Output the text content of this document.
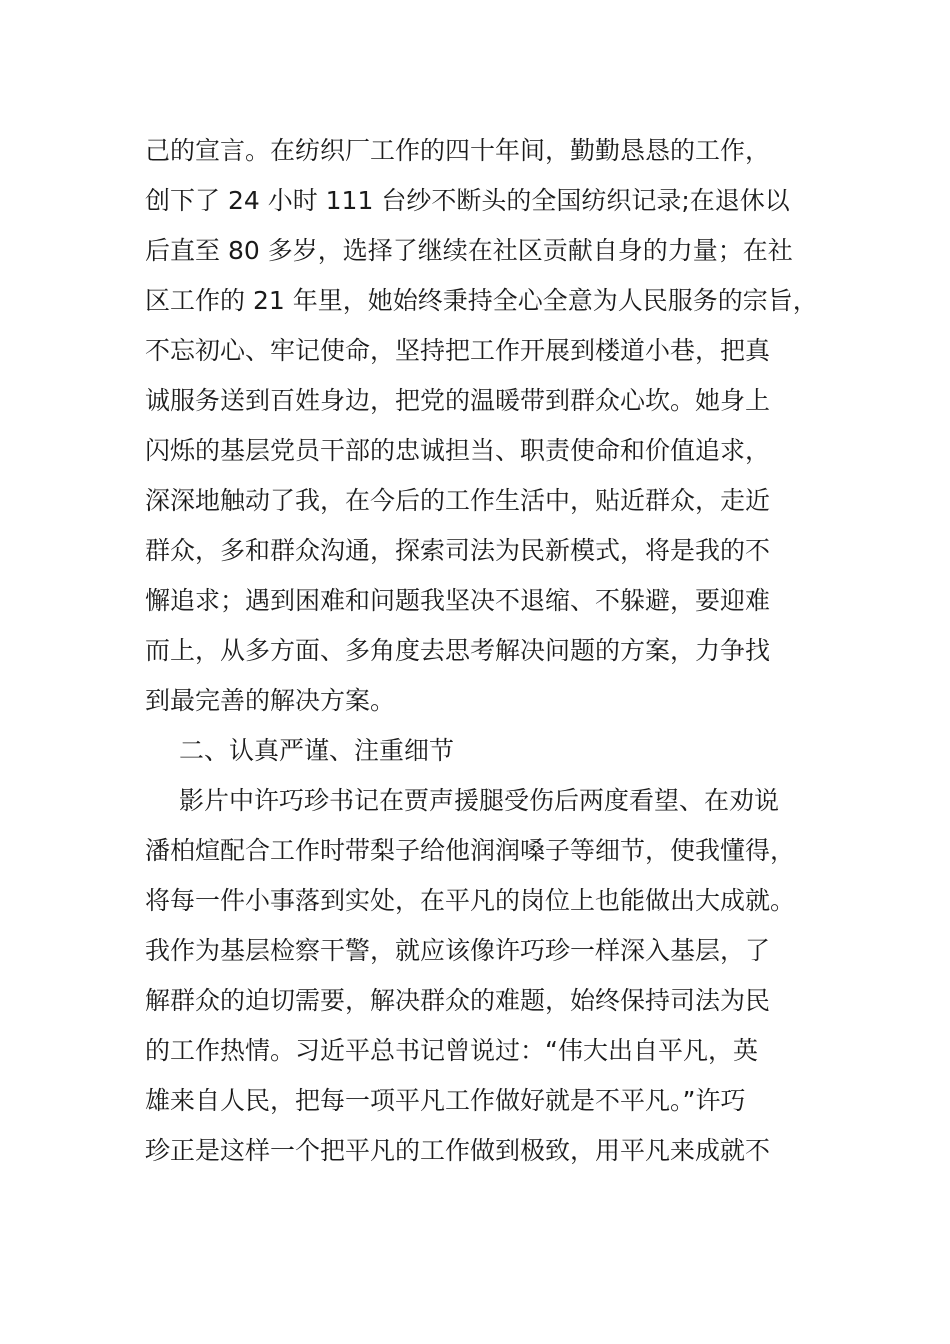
己的宣言。在纺织厂工作的四十年间，勤勤恳恳的工作，
创下了 24 小时 111 台纱不断头的全国纺织记录;在退休以
后直至 80 多岁，选择了继续在社区贡献自身的力量；在社
区工作的 21 年里，她始终秉持全心全意为人民服务的宗旨，
不忘初心、牢记使命，坚持把工作开展到楼道小巷，把真
诚服务送到百姓身边，把党的温暖带到群众心坎。她身上
闪烁的基层党员干部的忠诚担当、职责使命和价值追求，
深深地触动了我，在今后的工作生活中，贴近群众，走近
群众，多和群众沟通，探索司法为民新模式，将是我的不
懈追求；遇到困难和问题我坚决不退缩、不躲避，要迎难
而上，从多方面、多角度去思考解决问题的方案，力争找
到最完善的解决方案。
二、认真严谨、注重细节
影片中许巧珍书记在贾声援腿受伤后两度看望、在劝说
潘柏煊配合工作时带梨子给他润润嗓子等细节，使我懂得，
将每一件小事落到实处，在平凡的岗位上也能做出大成就。
我作为基层检察干警，就应该像许巧珍一样深入基层，了
解群众的迫切需要，解决群众的难题，始终保持司法为民
的工作热情。习近平总书记曾说过：“伟大出自平凡，英
雄来自人民，把每一项平凡工作做好就是不平凡。”许巧
珍正是这样一个把平凡的工作做到极致，用平凡来成就不
